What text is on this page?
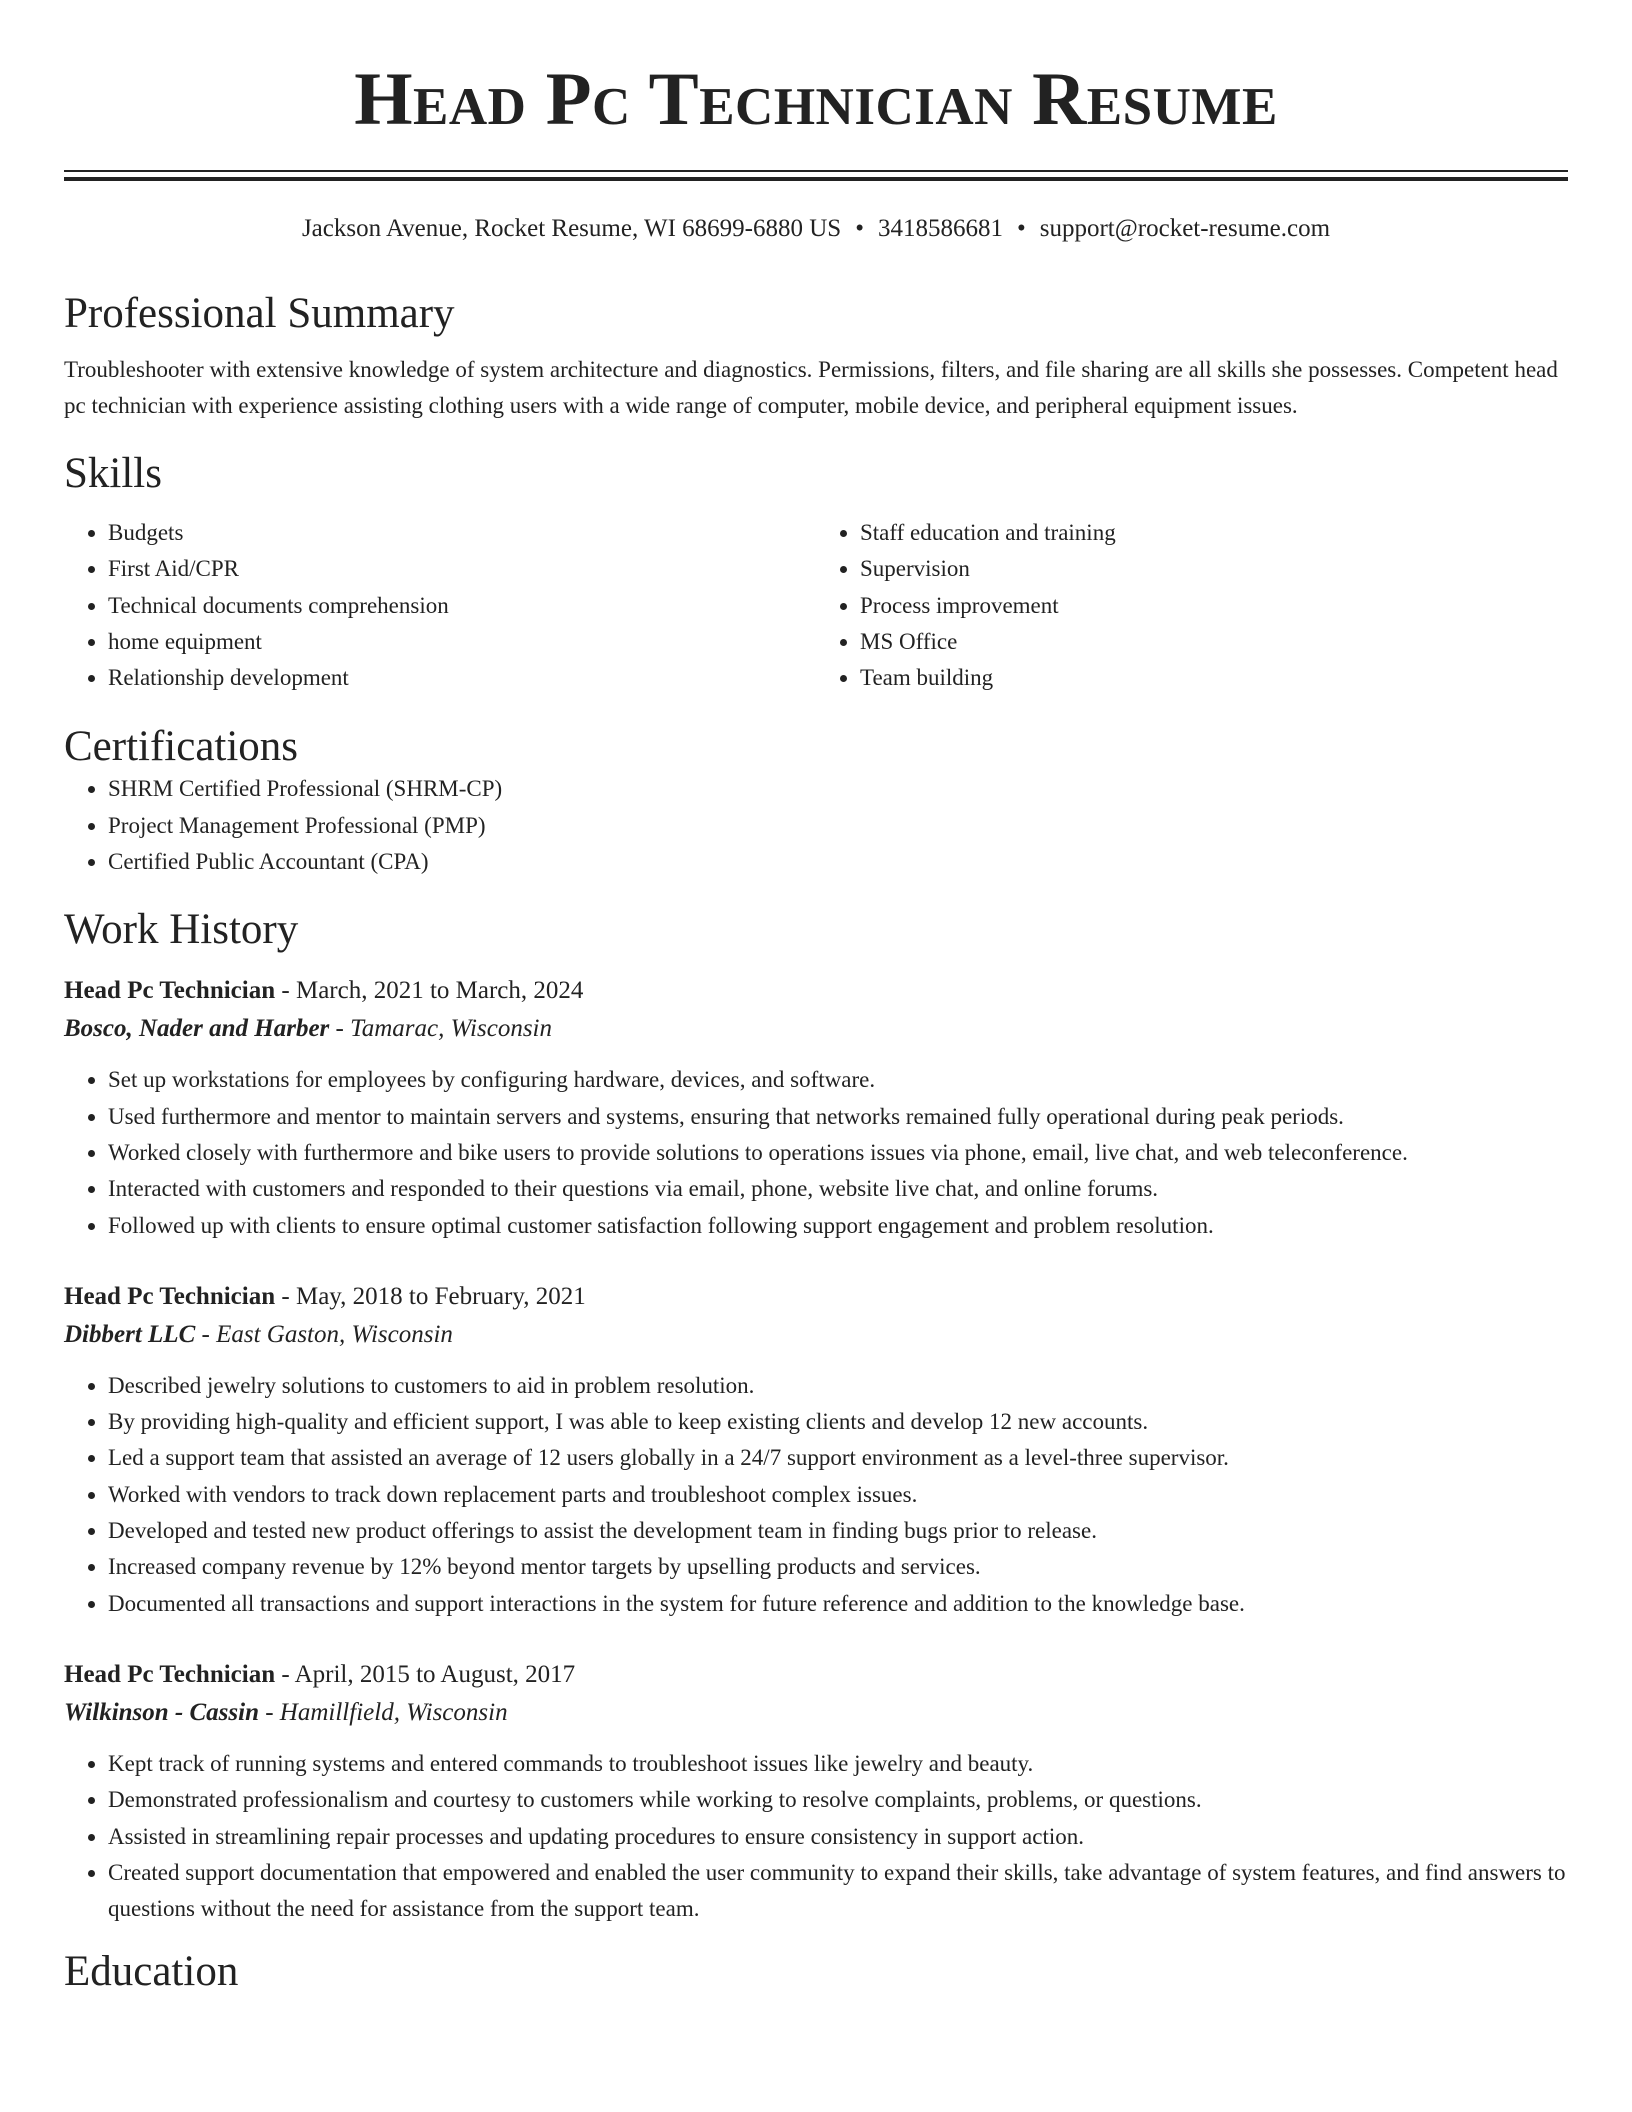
Head Pc Technician Resume
Jackson Avenue, Rocket Resume, WI 68699-6880 US • 3418586681 • support@rocket-resume.com
Professional Summary
Troubleshooter with extensive knowledge of system architecture and diagnostics. Permissions, filters, and file sharing are all skills she possesses. Competent head pc technician with experience assisting clothing users with a wide range of computer, mobile device, and peripheral equipment issues.
Skills
• Budgets
• First Aid/CPR
• Technical documents comprehension
• home equipment
• Relationship development
• Staff education and training
• Supervision
• Process improvement
• MS Office
• Team building
Certifications
• SHRM Certified Professional (SHRM-CP)
• Project Management Professional (PMP)
• Certified Public Accountant (CPA)
Work History
Head Pc Technician - March, 2021 to March, 2024
Bosco, Nader and Harber - Tamarac, Wisconsin
• Set up workstations for employees by configuring hardware, devices, and software.
• Used furthermore and mentor to maintain servers and systems, ensuring that networks remained fully operational during peak periods.
• Worked closely with furthermore and bike users to provide solutions to operations issues via phone, email, live chat, and web teleconference.
• Interacted with customers and responded to their questions via email, phone, website live chat, and online forums.
• Followed up with clients to ensure optimal customer satisfaction following support engagement and problem resolution.
Head Pc Technician - May, 2018 to February, 2021
Dibbert LLC - East Gaston, Wisconsin
• Described jewelry solutions to customers to aid in problem resolution.
• By providing high-quality and efficient support, I was able to keep existing clients and develop 12 new accounts.
• Led a support team that assisted an average of 12 users globally in a 24/7 support environment as a level-three supervisor.
• Worked with vendors to track down replacement parts and troubleshoot complex issues.
• Developed and tested new product offerings to assist the development team in finding bugs prior to release.
• Increased company revenue by 12% beyond mentor targets by upselling products and services.
• Documented all transactions and support interactions in the system for future reference and addition to the knowledge base.
Head Pc Technician - April, 2015 to August, 2017
Wilkinson - Cassin - Hamillfield, Wisconsin
• Kept track of running systems and entered commands to troubleshoot issues like jewelry and beauty.
• Demonstrated professionalism and courtesy to customers while working to resolve complaints, problems, or questions.
• Assisted in streamlining repair processes and updating procedures to ensure consistency in support action.
• Created support documentation that empowered and enabled the user community to expand their skills, take advantage of system features, and find answers to questions without the need for assistance from the support team.
Education
